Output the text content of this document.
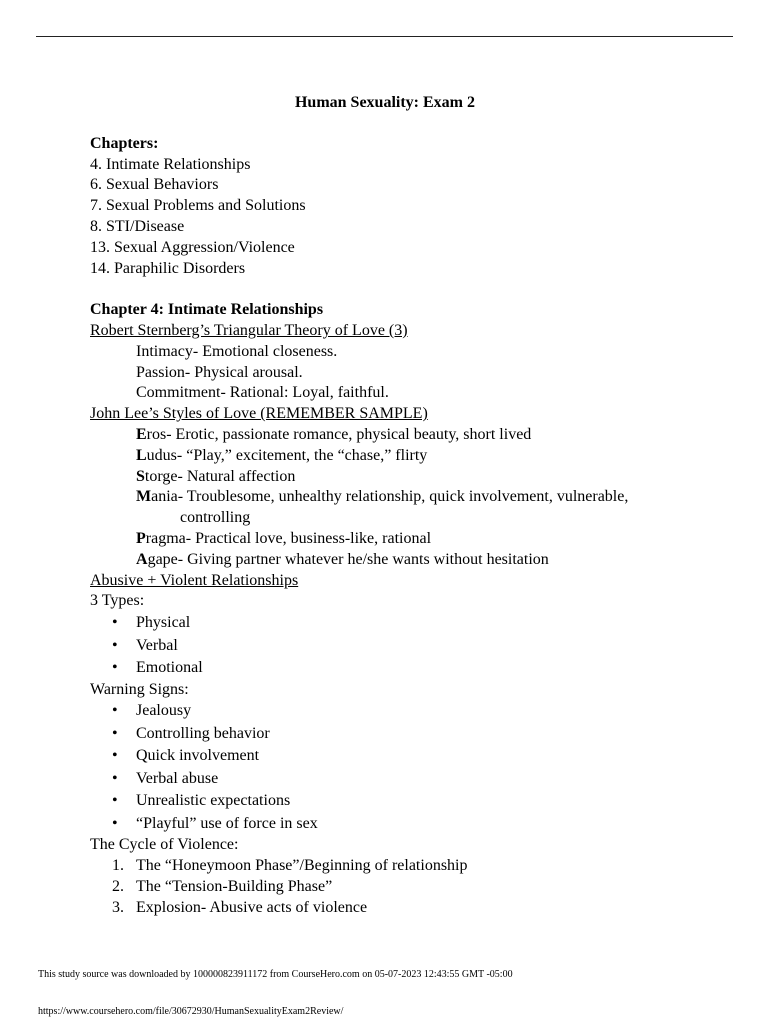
Human Sexuality: Exam 2
Chapters:
4. Intimate Relationships
6. Sexual Behaviors
7. Sexual Problems and Solutions
8. STI/Disease
13. Sexual Aggression/Violence
14. Paraphilic Disorders
Chapter 4: Intimate Relationships
Robert Sternberg’s Triangular Theory of Love (3)
Intimacy- Emotional closeness.
Passion- Physical arousal.
Commitment- Rational: Loyal, faithful.
John Lee’s Styles of Love (REMEMBER SAMPLE)
Eros- Erotic, passionate romance, physical beauty, short lived
Ludus- “Play,” excitement, the “chase,” flirty
Storge- Natural affection
Mania- Troublesome, unhealthy relationship, quick involvement, vulnerable,
controlling
Pragma- Practical love, business-like, rational
Agape- Giving partner whatever he/she wants without hesitation
Abusive + Violent Relationships
3 Types:
• Physical
• Verbal
• Emotional
Warning Signs:
• Jealousy
• Controlling behavior
• Quick involvement
• Verbal abuse
• Unrealistic expectations
• “Playful” use of force in sex
The Cycle of Violence:
1. The “Honeymoon Phase”/Beginning of relationship
2. The “Tension-Building Phase”
3. Explosion- Abusive acts of violence
This study source was downloaded by 100000823911172 from CourseHero.com on 05-07-2023 12:43:55 GMT -05:00
https://www.coursehero.com/file/30672930/HumanSexualityExam2Review/
